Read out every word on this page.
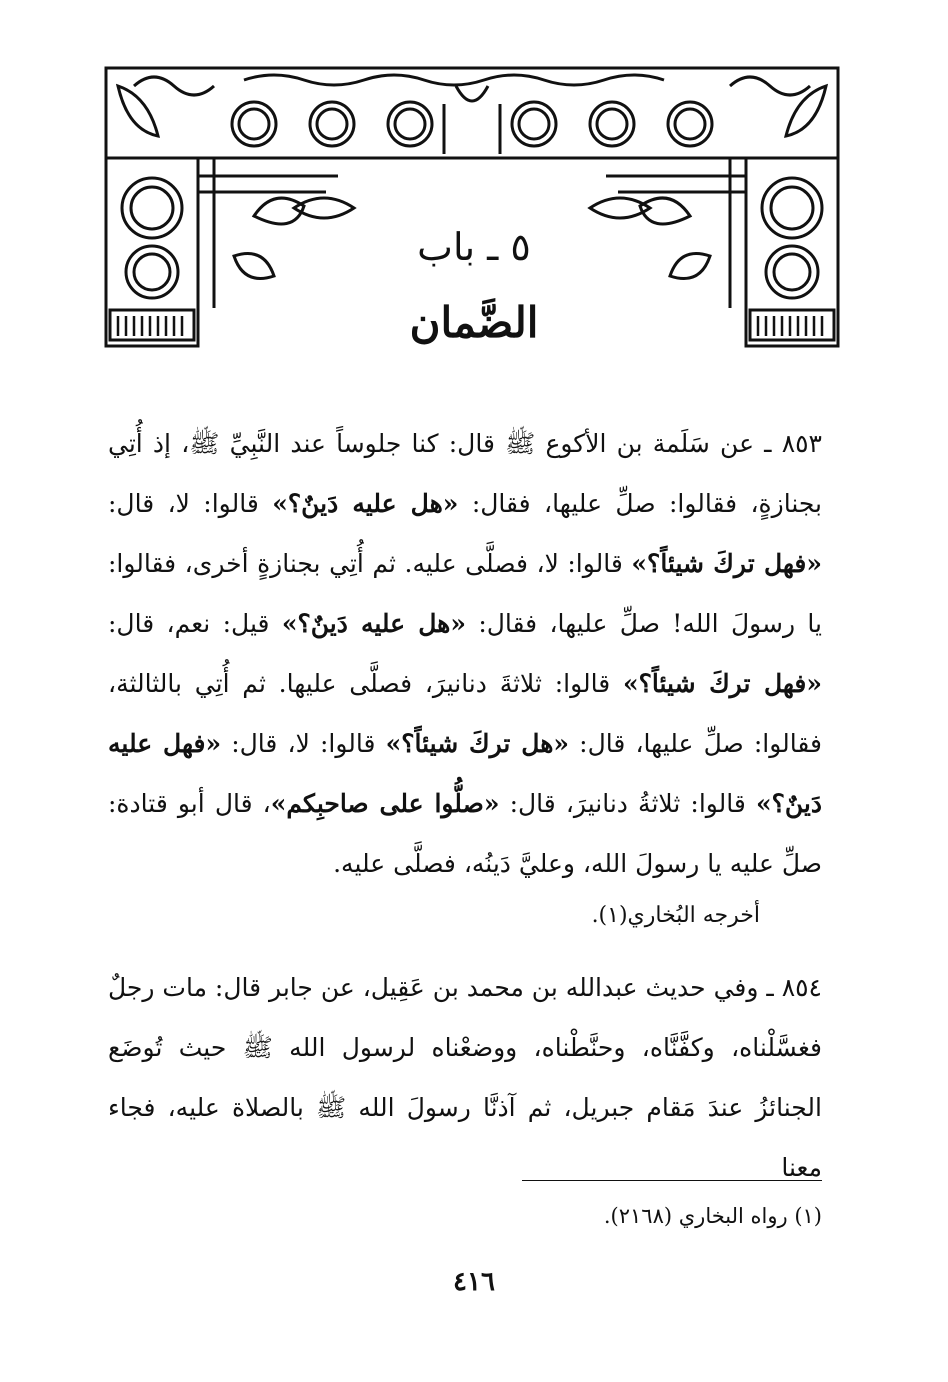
٥ ـ باب
الضَّمان
٨٥٣ ـ عن سَلَمة بن الأكوع ﷺ قال: كنا جلوساً عند النَّبِيِّ ﷺ، إذ أُتِي بجنازةٍ، فقالوا: صلِّ عليها، فقال: «هل عليه دَينٌ؟» قالوا: لا، قال: «فهل تركَ شيئاً؟» قالوا: لا، فصلَّى عليه. ثم أُتِي بجنازةٍ أخرى، فقالوا: يا رسولَ الله! صلِّ عليها، فقال: «هل عليه دَينٌ؟» قيل: نعم، قال: «فهل تركَ شيئاً؟» قالوا: ثلاثةَ دنانيرَ، فصلَّى عليها. ثم أُتِي بالثالثة، فقالوا: صلِّ عليها، قال: «هل تركَ شيئاً؟» قالوا: لا، قال: «فهل عليه دَينٌ؟» قالوا: ثلاثةُ دنانيرَ، قال: «صلُّوا على صاحبِكم»، قال أبو قتادة: صلِّ عليه يا رسولَ الله، وعليَّ دَينُه، فصلَّى عليه.
أخرجه البُخاري(١).
٨٥٤ ـ وفي حديث عبدالله بن محمد بن عَقِيل، عن جابر قال: مات رجلٌ فغسَّلْناه، وكفَّنَّاه، وحنَّطْناه، ووضعْناه لرسول الله ﷺ حيث تُوضَع الجنائزُ عندَ مَقام جبريل، ثم آذنَّا رسولَ الله ﷺ بالصلاة عليه، فجاء معنا
(١) رواه البخاري (٢١٦٨).
٤١٦
